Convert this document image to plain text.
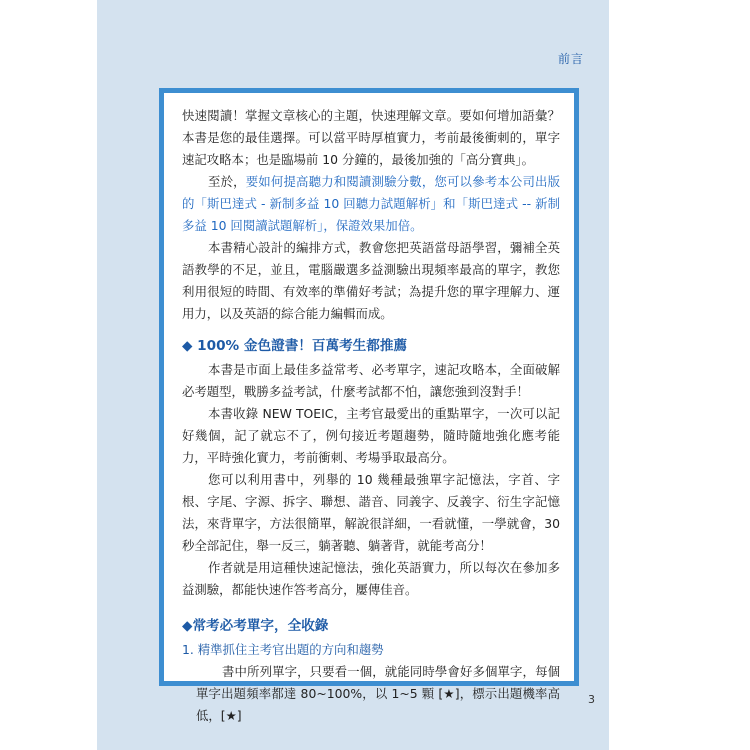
前言

快速閱讀！掌握文章核心的主題，快速理解文章。要如何增加語彙？本書是您的最佳選擇。可以當平時厚植實力，考前最後衝刺的，單字速記攻略本；也是臨場前 10 分鐘的，最後加強的「高分寶典」。

至於，要如何提高聽力和閱讀測驗分數，您可以參考本公司出版的「斯巴達式 - 新制多益 10 回聽力試題解析」和「斯巴達式 -- 新制多益 10 回閱讀試題解析」，保證效果加倍。

本書精心設計的編排方式，教會您把英語當母語學習，彌補全英語教學的不足，並且，電腦嚴選多益測驗出現頻率最高的單字，教您利用很短的時間、有效率的準備好考試；為提升您的單字理解力、運用力，以及英語的綜合能力編輯而成。

◆ 100% 金色證書！百萬考生都推薦

本書是市面上最佳多益常考、必考單字，速記攻略本，全面破解必考題型，戰勝多益考試，什麼考試都不怕，讓您強到沒對手！

本書收錄 NEW TOEIC，主考官最愛出的重點單字，一次可以記好幾個，記了就忘不了，例句接近考題趨勢，隨時隨地強化應考能力，平時強化實力，考前衝刺、考場爭取最高分。

您可以利用書中，列舉的 10 幾種最強單字記憶法，字首、字根、字尾、字源、拆字、聯想、諧音、同義字、反義字、衍生字記憶法，來背單字，方法很簡單，解說很詳細，一看就懂，一學就會，30 秒全部記住，舉一反三，躺著聽、躺著背，就能考高分！

作者就是用這種快速記憶法，強化英語實力，所以每次在參加多益測驗，都能快速作答考高分，屢傳佳音。

◆常考必考單字，全收錄

1. 精準抓住主考官出題的方向和趨勢

書中所列單字，只要看一個，就能同時學會好多個單字，每個單字出題頻率都達 80~100%，以 1~5 顆 [★]，標示出題機率高低，[★]

3
